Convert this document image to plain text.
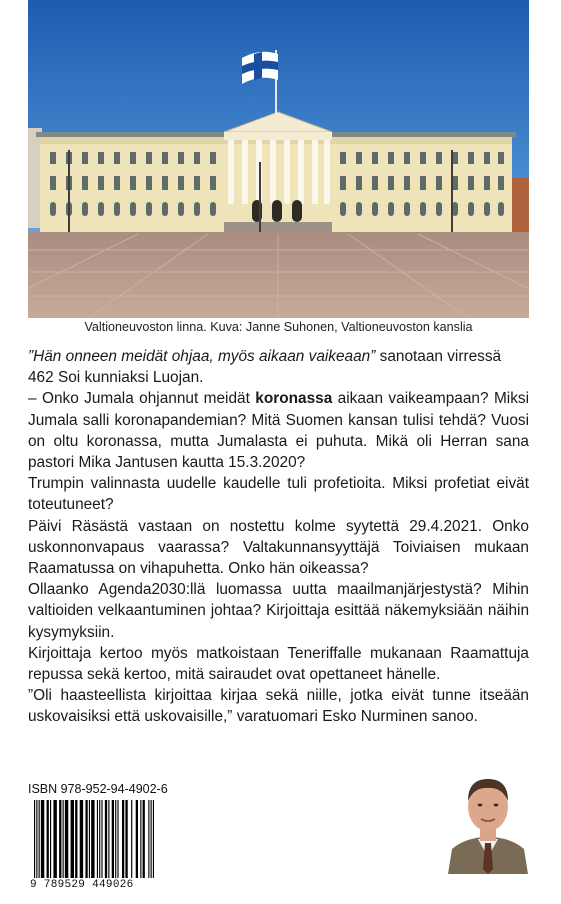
Valtioneuvoston linna. Kuva: Janne Suhonen, Valtioneuvoston kanslia

”Hän onneen meidät ohjaa, myös aikaan vaikeaan” sanotaan virressä 462 Soi kunniaksi Luojan.

– Onko Jumala ohjannut meidät koronassa aikaan vaikeampaan? Miksi Jumala salli koronapandemian? Mitä Suomen kansan tulisi tehdä? Vuosi on oltu koronassa, mutta Jumalasta ei puhuta. Mikä oli Herran sana pastori Mika Jantusen kautta 15.3.2020?

Trumpin valinnasta uudelle kaudelle tuli profetioita. Miksi profetiat eivät toteutuneet?

Päivi Räsästä vastaan on nostettu kolme syytettä 29.4.2021. Onko uskonnonvapaus vaarassa? Valtakunnansyyttäjä Toiviaisen mukaan Raamatussa on vihapuhetta. Onko hän oikeassa?

Ollaanko Agenda2030:llä luomassa uutta maailmanjärjestystä? Mihin valtioiden velkaantuminen johtaa? Kirjoittaja esittää näkemyksiään näihin kysymyksiin.

Kirjoittaja kertoo myös matkoistaan Teneriffalle mukanaan Raamattuja repussa sekä kertoo, mitä sairaudet ovat opettaneet hänelle.

”Oli haasteellista kirjoittaa kirjaa sekä niille, jotka eivät tunne itseään uskovaisiksi että uskovaisille,” varatuomari Esko Nurminen sanoo.

ISBN 978-952-94-4902-6
9 789529 449026
